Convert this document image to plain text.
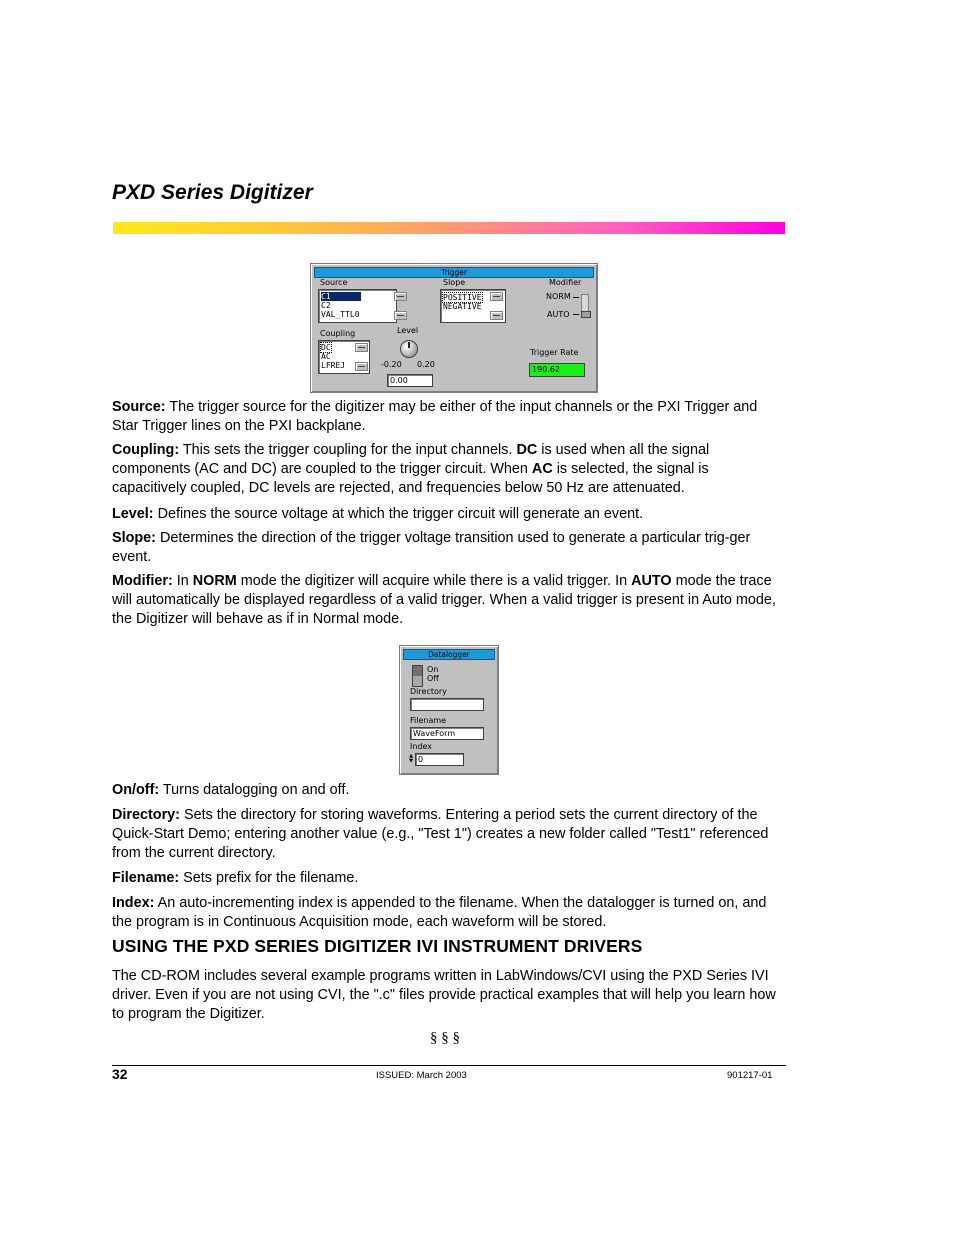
PXD Series Digitizer
Trigger
Source
C1
C2
VAL_TTL0
Slope
POSITIVE
NEGATIVE
Modifier
NORM
AUTO
Coupling
DC
AC
LFREJ
Level
-0.20 0.20
0.00
Trigger Rate
190.62

Source: The trigger source for the digitizer may be either of the input channels or the PXI Trigger and Star Trigger lines on the PXI backplane.

Coupling: This sets the trigger coupling for the input channels. DC is used when all the signal components (AC and DC) are coupled to the trigger circuit. When AC is selected, the signal is capacitively coupled, DC levels are rejected, and frequencies below 50 Hz are attenuated.

Level: Defines the source voltage at which the trigger circuit will generate an event.

Slope: Determines the direction of the trigger voltage transition used to generate a particular trig-ger event.

Modifier: In NORM mode the digitizer will acquire while there is a valid trigger. In AUTO mode the trace will automatically be displayed regardless of a valid trigger. When a valid trigger is present in Auto mode, the Digitizer will behave as if in Normal mode.

Datalogger
On
Off
Directory
Filename
WaveForm
Index
▲
▼ 0

On/off: Turns datalogging on and off.

Directory: Sets the directory for storing waveforms. Entering a period sets the current directory of the Quick-Start Demo; entering another value (e.g., "Test 1") creates a new folder called "Test1" referenced from the current directory.

Filename: Sets prefix for the filename.

Index: An auto-incrementing index is appended to the filename. When the datalogger is turned on, and the program is in Continuous Acquisition mode, each waveform will be stored.

USING THE PXD SERIES DIGITIZER IVI INSTRUMENT DRIVERS

The CD-ROM includes several example programs written in LabWindows/CVI using the PXD Series IVI driver. Even if you are not using CVI, the ".c" files provide practical examples that will help you learn how to program the Digitizer.

§ § §
32	ISSUED: March 2003	901217-01
